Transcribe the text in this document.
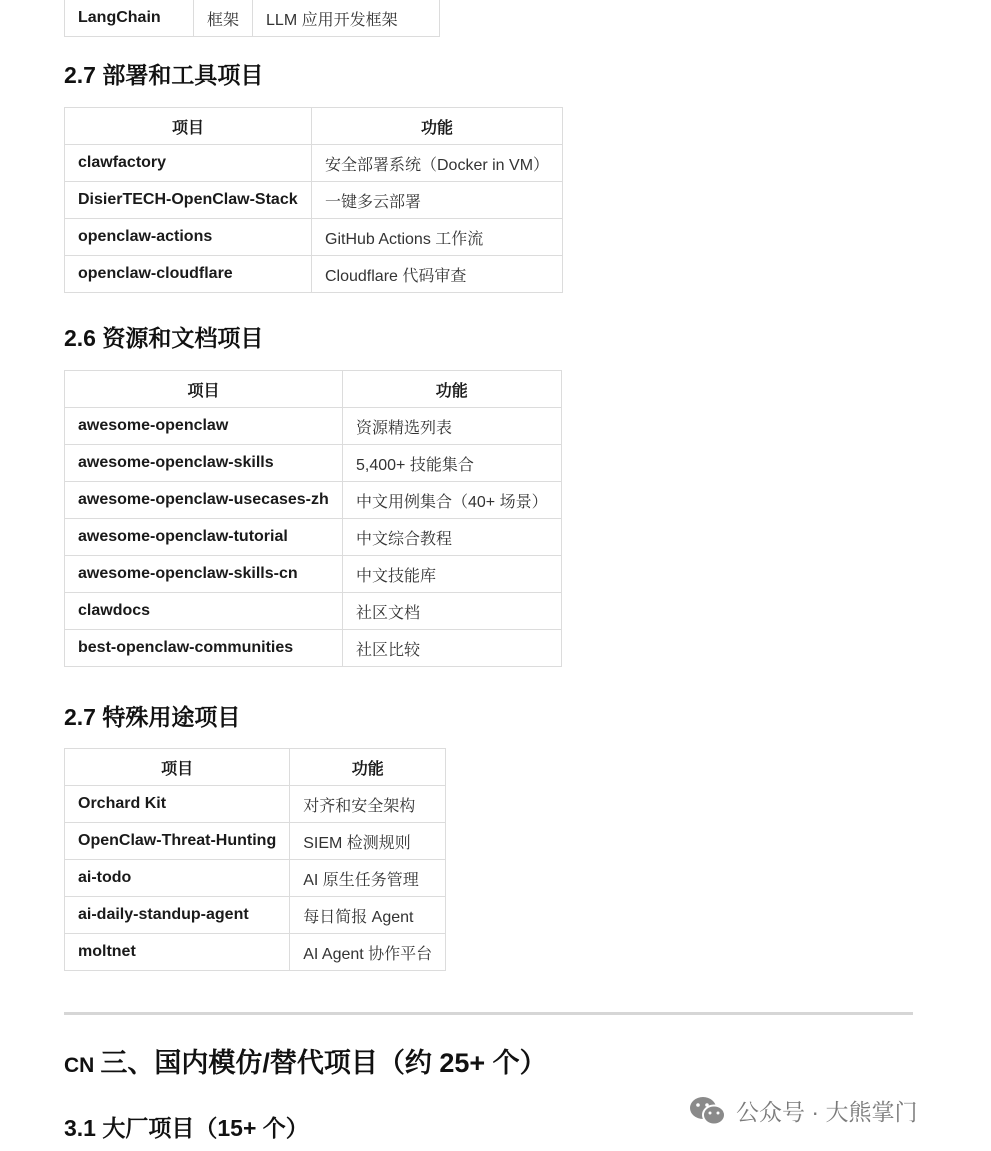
LangChain	框架	LLM 应用开发框架
2.7 部署和工具项目
项目	功能
clawfactory	安全部署系统（Docker in VM）
DisierTECH-OpenClaw-Stack	一键多云部署
openclaw-actions	GitHub Actions 工作流
openclaw-cloudflare	Cloudflare 代码审查
2.6 资源和文档项目
项目	功能
awesome-openclaw	资源精选列表
awesome-openclaw-skills	5,400+ 技能集合
awesome-openclaw-usecases-zh	中文用例集合（40+ 场景）
awesome-openclaw-tutorial	中文综合教程
awesome-openclaw-skills-cn	中文技能库
clawdocs	社区文档
best-openclaw-communities	社区比较
2.7 特殊用途项目
项目	功能
Orchard Kit	对齐和安全架构
OpenClaw-Threat-Hunting	SIEM 检测规则
ai-todo	AI 原生任务管理
ai-daily-standup-agent	每日简报 Agent
moltnet	AI Agent 协作平台
CN 三、国内模仿/替代项目（约 25+ 个）
3.1 大厂项目（15+ 个）
公众号 · 大熊掌门
